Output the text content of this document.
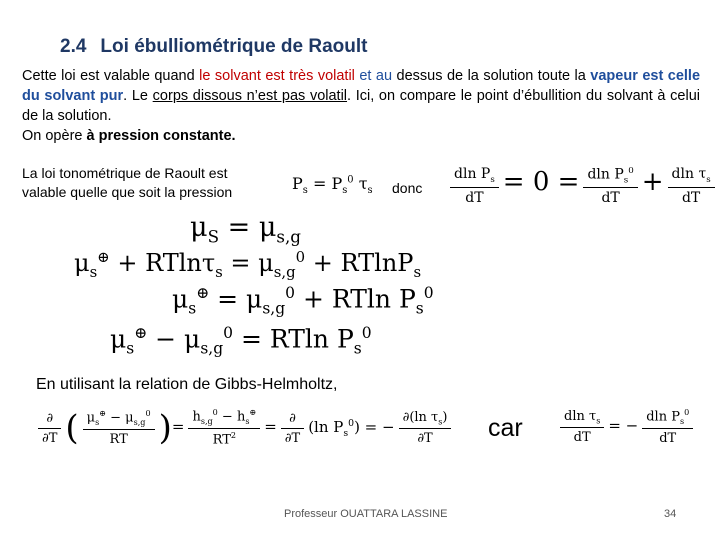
2.4 Loi ébulliométrique de Raoult
Cette loi est valable quand le solvant est très volatil et au dessus de la solution toute la vapeur est celle du solvant pur. Le corps dissous n’est pas volatil. Ici, on compare le point d’ébullition du solvant à celui de la solution.
On opère à pression constante.
La loi tonométrique de Raoult est
valable quelle que soit la pression	$P_s = P_s^0$ $\tau_s$ donc $\frac{dln P_s}{dT} = 0 = \frac{dln P_s^0}{dT} + \frac{dln \tau_s}{dT}$
$\mu_S = \mu_{s,g}$
$\mu_s^\oplus + RTln\tau_s = \mu_{s,g}^0 + RTlnP_s$
$\mu_s^\oplus = \mu_{s,g}^0 + RTln$ $P_s^0$
$\mu_s^\oplus - \mu_{s,g}^0 = RTln$ $P_s^0$
En utilisant la relation de Gibbs-Helmholtz,
$\frac{\partial}{\partial T}$ ( $\frac{\mu_s^\oplus - \mu_{s,g}^0}{RT}$ )= $\frac{h_{s,g}^0 - h_s^\oplus}{RT^2} = \frac{\partial}{\partial T} (\ln$ $P_s^0$) = − $\frac{\partial(\ln \tau_s)}{\partial T}$ car	$\frac{dln \tau_s}{dT}$ = − $\frac{dln P_s^0}{dT}$
Professeur OUATTARA LASSINE	34
